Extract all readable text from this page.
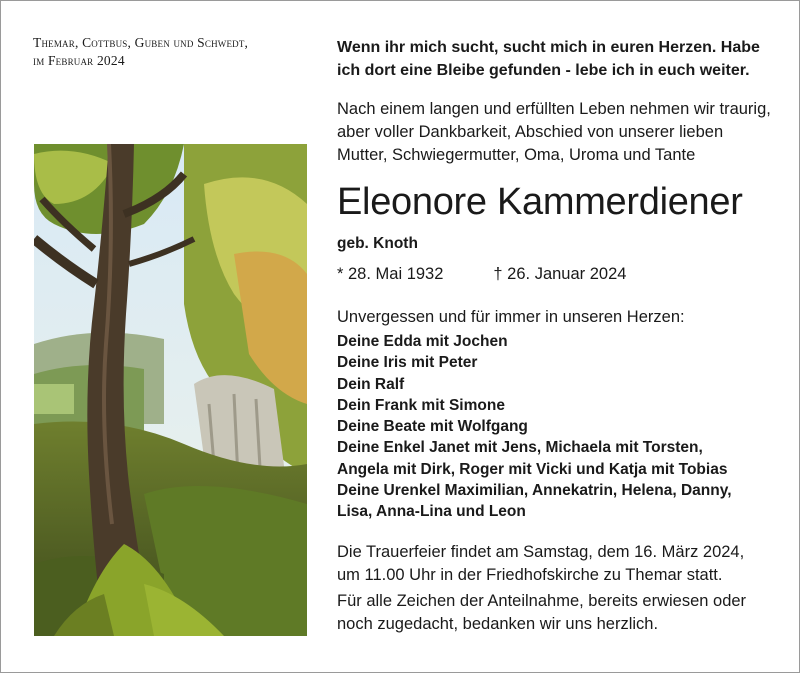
Themar, Cottbus, Guben und Schwedt,
im Februar 2024
Wenn ihr mich sucht, sucht mich in euren Herzen. Habe
ich dort eine Bleibe gefunden - lebe ich in euch weiter.
Nach einem langen und erfüllten Leben nehmen wir traurig,
aber voller Dankbarkeit, Abschied von unserer lieben
Mutter, Schwiegermutter, Oma, Uroma und Tante
Eleonore Kammerdiener
geb. Knoth
* 28. Mai 1932	† 26. Januar 2024
Unvergessen und für immer in unseren Herzen:
Deine Edda mit Jochen
Deine Iris mit Peter
Dein Ralf
Dein Frank mit Simone
Deine Beate mit Wolfgang
Deine Enkel Janet mit Jens, Michaela mit Torsten,
Angela mit Dirk, Roger mit Vicki und Katja mit Tobias
Deine Urenkel Maximilian, Annekatrin, Helena, Danny,
Lisa, Anna-Lina und Leon
Die Trauerfeier findet am Samstag, dem 16. März 2024,
um 11.00 Uhr in der Friedhofskirche zu Themar statt.
Für alle Zeichen der Anteilnahme, bereits erwiesen oder
noch zugedacht, bedanken wir uns herzlich.
